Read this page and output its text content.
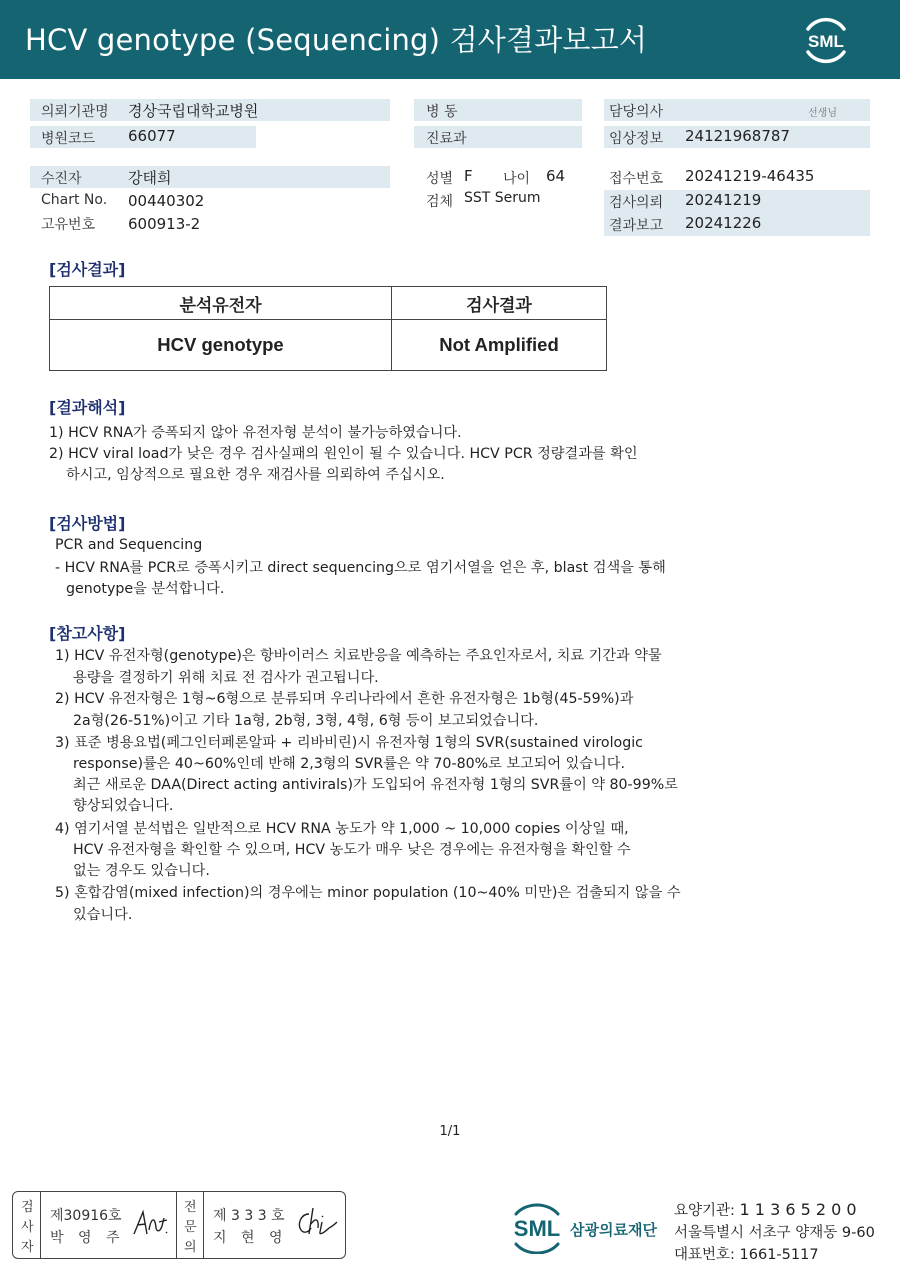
HCV genotype (Sequencing) 검사결과보고서	SML
의뢰기관명 경상국립대학교병원
병원코드 66077
수진자	강태희
Chart No. 00440302
고유번호 600913-2
병 동
진료과
성별 F 나이 64
검체 SST Serum
담당의사	선생님
임상정보 24121968787
접수번호 20241219-46435
검사의뢰 20241219
결과보고 20241226
[검사결과]
분석유전자	검사결과
HCV genotype	Not Amplified
[결과해석]
1) HCV RNA가 증폭되지 않아 유전자형 분석이 불가능하였습니다.
2) HCV viral load가 낮은 경우 검사실패의 원인이 될 수 있습니다. HCV PCR 정량결과를 확인
하시고, 임상적으로 필요한 경우 재검사를 의뢰하여 주십시오.
[검사방법]
PCR and Sequencing
- HCV RNA를 PCR로 증폭시키고 direct sequencing으로 염기서열을 얻은 후, blast 검색을 통해
genotype을 분석합니다.
[참고사항]
1) HCV 유전자형(genotype)은 항바이러스 치료반응을 예측하는 주요인자로서, 치료 기간과 약물
용량을 결정하기 위해 치료 전 검사가 권고됩니다.
2) HCV 유전자형은 1형~6형으로 분류되며 우리나라에서 흔한 유전자형은 1b형(45-59%)과
2a형(26-51%)이고 기타 1a형, 2b형, 3형, 4형, 6형 등이 보고되었습니다.
3) 표준 병용요법(페그인터페론알파 + 리바비린)시 유전자형 1형의 SVR(sustained virologic
response)률은 40~60%인데 반해 2,3형의 SVR률은 약 70-80%로 보고되어 있습니다.
최근 새로운 DAA(Direct acting antivirals)가 도입되어 유전자형 1형의 SVR률이 약 80-99%로
향상되었습니다.
4) 염기서열 분석법은 일반적으로 HCV RNA 농도가 약 1,000 ~ 10,000 copies 이상일 때,
HCV 유전자형을 확인할 수 있으며, HCV 농도가 매우 낮은 경우에는 유전자형을 확인할 수
없는 경우도 있습니다.
5) 혼합감염(mixed infection)의 경우에는 minor population (10~40% 미만)은 검출되지 않을 수
있습니다.
1/1
검
사
자
제30916호
박 영 주
전
문
의
제 3 3 3 호
지 현 영	SML 삼광의료재단
요양기관: 1 1 3 6 5 2 0 0
서울특별시 서초구 양재동 9-60
대표번호: 1661-5117
